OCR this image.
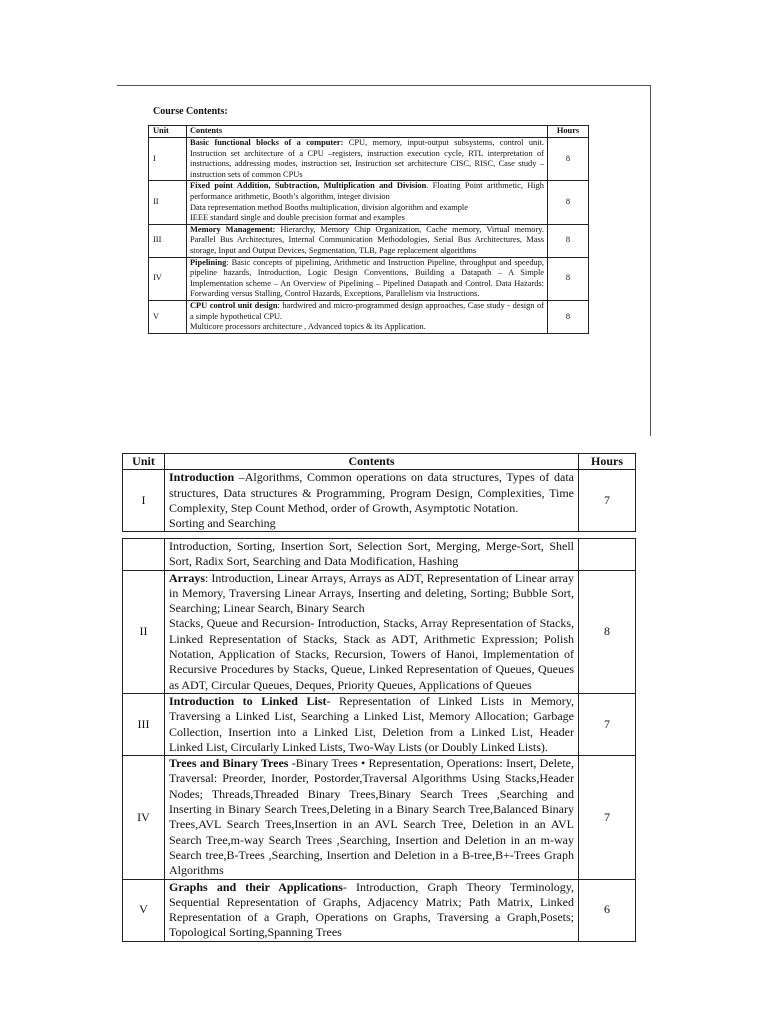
Course Contents:
Unit	Contents	Hours
I	Basic functional blocks of a computer: CPU, memory, input-output subsystems, control unit. Instruction set architecture of a CPU –registers, instruction execution cycle, RTL interpretation of instructions, addressing modes, instruction set, Instruction set architecture CISC, RISC, Case study – instruction sets of common CPUs	8
II	Fixed point Addition, Subtraction, Multiplication and Division. Floating Point arithmetic, High performance arithmetic, Booth’s algorithm, integer division
Data representation method Booths multiplication, division algorithm and example
IEEE standard single and double precision format and examples	8
III	Memory Management: Hierarchy, Memory Chip Organization, Cache memory, Virtual memory. Parallel Bus Architectures, Internal Communication Methodologies, Serial Bus Architectures, Mass storage, Input and Output Devices, Segmentation, TLB, Page replacement algorithms	8
IV	Pipelining: Basic concepts of pipelining, Arithmetic and Instruction Pipeline, throughput and speedup, pipeline hazards, Introduction, Logic Design Conventions, Building a Datapath – A Simple Implementation scheme – An Overview of Pipelining – Pipelined Datapath and Control. Data Hazards: Forwarding versus Stalling, Control Hazards, Exceptions, Parallelism via Instructions.	8
V	CPU control unit design: hardwired and micro-programmed design approaches, Case study - design of a simple hypothetical CPU.
Multicore processors architecture , Advanced topics & its Application.	8
Unit	Contents	Hours
I	Introduction –Algorithms, Common operations on data structures, Types of data structures, Data structures & Programming, Program Design, Complexities, Time Complexity, Step Count Method, order of Growth, Asymptotic Notation.
Sorting and Searching	7

	Introduction, Sorting, Insertion Sort, Selection Sort, Merging, Merge-Sort, Shell Sort, Radix Sort, Searching and Data Modification, Hashing	

II	Arrays: Introduction, Linear Arrays, Arrays as ADT, Representation of Linear array in Memory, Traversing Linear Arrays, Inserting and deleting, Sorting; Bubble Sort, Searching; Linear Search, Binary Search
Stacks, Queue and Recursion- Introduction, Stacks, Array Representation of Stacks, Linked Representation of Stacks, Stack as ADT, Arithmetic Expression; Polish Notation, Application of Stacks, Recursion, Towers of Hanoi, Implementation of Recursive Procedures by Stacks, Queue, Linked Representation of Queues, Queues as ADT, Circular Queues, Deques, Priority Queues, Applications of Queues	8
III	Introduction to Linked List- Representation of Linked Lists in Memory, Traversing a Linked List, Searching a Linked List, Memory Allocation; Garbage Collection, Insertion into a Linked List, Deletion from a Linked List, Header Linked List, Circularly Linked Lists, Two-Way Lists (or Doubly Linked Lists).	7
IV	Trees and Binary Trees -Binary Trees • Representation, Operations: Insert, Delete, Traversal: Preorder, Inorder, Postorder,Traversal Algorithms Using Stacks,Header Nodes; Threads,Threaded Binary Trees,Binary Search Trees ,Searching and Inserting in Binary Search Trees,Deleting in a Binary Search Tree,Balanced Binary Trees,AVL Search Trees,Insertion in an AVL Search Tree, Deletion in an AVL Search Tree,m-way Search Trees ,Searching, Insertion and Deletion in an m-way Search tree,B-Trees ,Searching, Insertion and Deletion in a B-tree,B+-Trees Graph Algorithms	7
V	Graphs and their Applications- Introduction, Graph Theory Terminology, Sequential Representation of Graphs, Adjacency Matrix; Path Matrix, Linked Representation of a Graph, Operations on Graphs, Traversing a Graph,Posets; Topological Sorting,Spanning Trees	6
